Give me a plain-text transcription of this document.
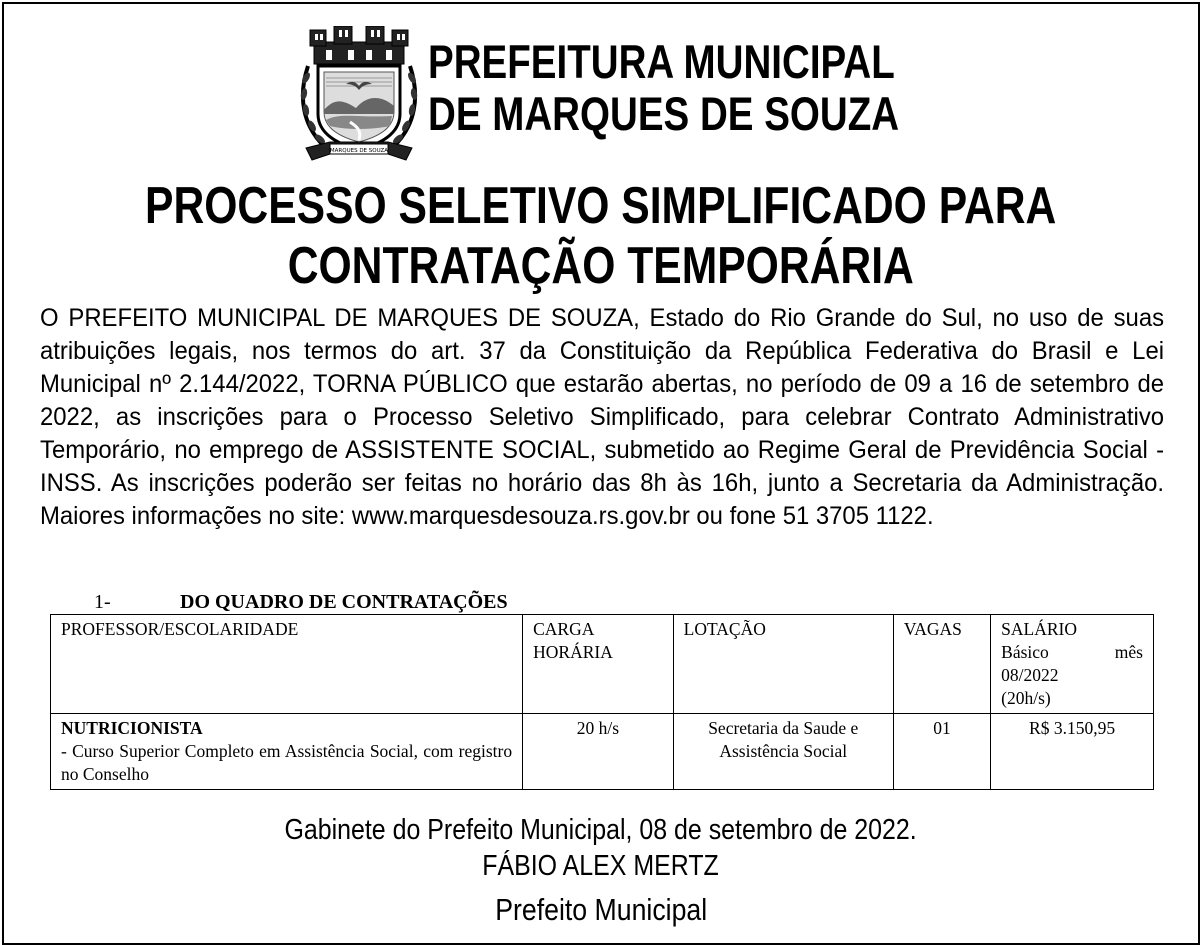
MARQUES DE SOUZA
PREFEITURA MUNICIPAL
DE MARQUES DE SOUZA
PROCESSO SELETIVO SIMPLIFICADO PARA
CONTRATAÇÃO TEMPORÁRIA
O PREFEITO MUNICIPAL DE MARQUES DE SOUZA, Estado do Rio Grande do Sul, no uso de suas atribuições legais, nos termos do art. 37 da Constituição da República Federativa do Brasil e Lei Municipal nº 2.144/2022, TORNA PÚBLICO que estarão abertas, no período de 09 a 16 de setembro de 2022, as inscrições para o Processo Seletivo Simplificado, para celebrar Contrato Administrativo Temporário, no emprego de ASSISTENTE SOCIAL, submetido ao Regime Geral de Previdência Social - INSS. As inscrições poderão ser feitas no horário das 8h às 16h, junto a Secretaria da Administração. Maiores informações no site: www.marquesdesouza.rs.gov.br ou fone 51 3705 1122.
1-	DO QUADRO DE CONTRATAÇÕES
PROFESSOR/ESCOLARIDADE	CARGA HORÁRIA	LOTAÇÃO	VAGAS	SALÁRIO
Básico mês
08/2022
(20h/s)

NUTRICIONISTA
- Curso Superior Completo em Assistência Social, com registro no Conselho	20 h/s	Secretaria da Saude e Assistência Social	01	R$ 3.150,95
Gabinete do Prefeito Municipal, 08 de setembro de 2022.
FÁBIO ALEX MERTZ
Prefeito Municipal
